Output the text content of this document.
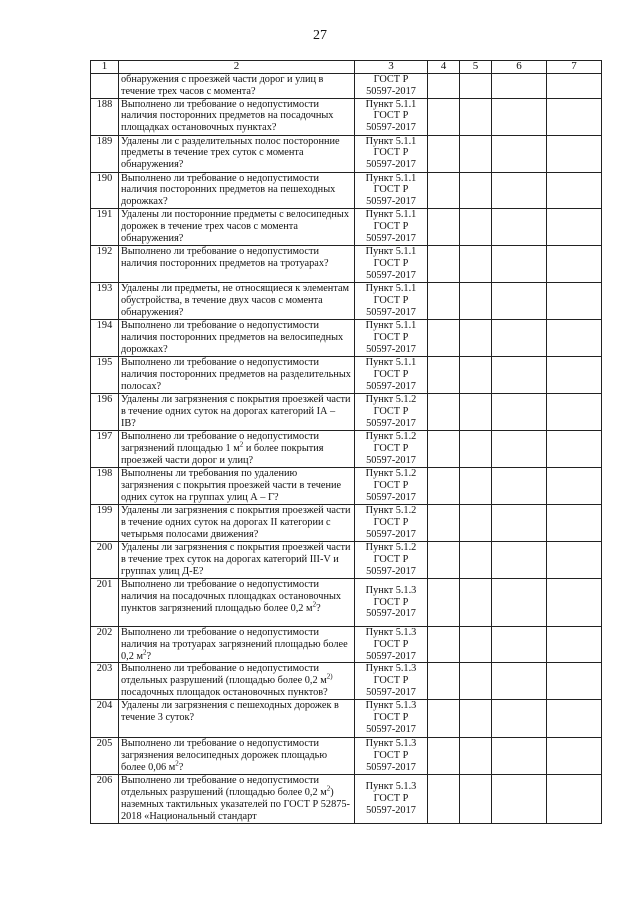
27
1	2	3	4	5	6	7
	обнаружения с проезжей части дорог и улиц в течение трех часов с момента?	ГОСТ Р
50597-2017				

188	Выполнено ли требование о недопустимости наличия посторонних предметов на посадочных площадках остановочных пунктах?	Пункт 5.1.1
ГОСТ Р
50597-2017				

189	Удалены ли с разделительных полос посторонние предметы в течение трех суток с момента обнаружения?	Пункт 5.1.1
ГОСТ Р
50597-2017				

190	Выполнено ли требование о недопустимости наличия посторонних предметов на пешеходных дорожках?	Пункт 5.1.1
ГОСТ Р
50597-2017				

191	Удалены ли посторонние предметы с велосипедных дорожек в течение трех часов с момента обнаружения?	Пункт 5.1.1
ГОСТ Р
50597-2017				

192	Выполнено ли требование о недопустимости наличия посторонних предметов на тротуарах?	Пункт 5.1.1
ГОСТ Р
50597-2017				

193	Удалены ли предметы, не относящиеся к элементам обустройства, в течение двух часов с момента обнаружения?	Пункт 5.1.1
ГОСТ Р
50597-2017				

194	Выполнено ли требование о недопустимости наличия посторонних предметов на велосипедных дорожках?	Пункт 5.1.1
ГОСТ Р
50597-2017				

195	Выполнено ли требование о недопустимости наличия посторонних предметов на разделительных полосах?	Пункт 5.1.1
ГОСТ Р
50597-2017				

196	Удалены ли загрязнения с покрытия проезжей части в течение одних суток на дорогах категорий IА – IВ?	Пункт 5.1.2
ГОСТ Р
50597-2017				

197	Выполнено ли требование о недопустимости загрязнений площадью 1 $м^2$ и более покрытия проезжей части дорог и улиц?	Пункт 5.1.2
ГОСТ Р
50597-2017				

198	Выполнены ли требования по удалению загрязнения с покрытия проезжей части в течение одних суток на группах улиц А – Г?	Пункт 5.1.2
ГОСТ Р
50597-2017				

199	Удалены ли загрязнения с покрытия проезжей части в течение одних суток на дорогах II категории с четырьмя полосами движения?	Пункт 5.1.2
ГОСТ Р
50597-2017				

200	Удалены ли загрязнения с покрытия проезжей части в течение трех суток на дорогах категорий III-V и группах улиц Д-Е?	Пункт 5.1.2
ГОСТ Р
50597-2017				

201	Выполнено ли требование о недопустимости наличия на посадочных площадках остановочных пунктов загрязнений площадью более 0,2 $м^2$?	Пункт 5.1.3
ГОСТ Р
50597-2017				

202	Выполнено ли требование о недопустимости наличия на тротуарах загрязнений площадью более 0,2 $м^2$?	Пункт 5.1.3
ГОСТ Р
50597-2017				

203	Выполнено ли требование о недопустимости отдельных разрушений (площадью более 0,2 $м^{2)}$ посадочных площадок остановочных пунктов?	Пункт 5.1.3
ГОСТ Р
50597-2017				

204	Удалены ли загрязнения с пешеходных дорожек в течение 3 суток?	Пункт 5.1.3
ГОСТ Р
50597-2017				

205	Выполнено ли требование о недопустимости загрязнения велосипедных дорожек площадью более 0,06 $м^2$?	Пункт 5.1.3
ГОСТ Р
50597-2017				

206	Выполнено ли требование о недопустимости отдельных разрушений (площадью более 0,2 $м^2$) наземных тактильных указателей по ГОСТ Р 52875-2018 «Национальный стандарт	Пункт 5.1.3
ГОСТ Р
50597-2017				
